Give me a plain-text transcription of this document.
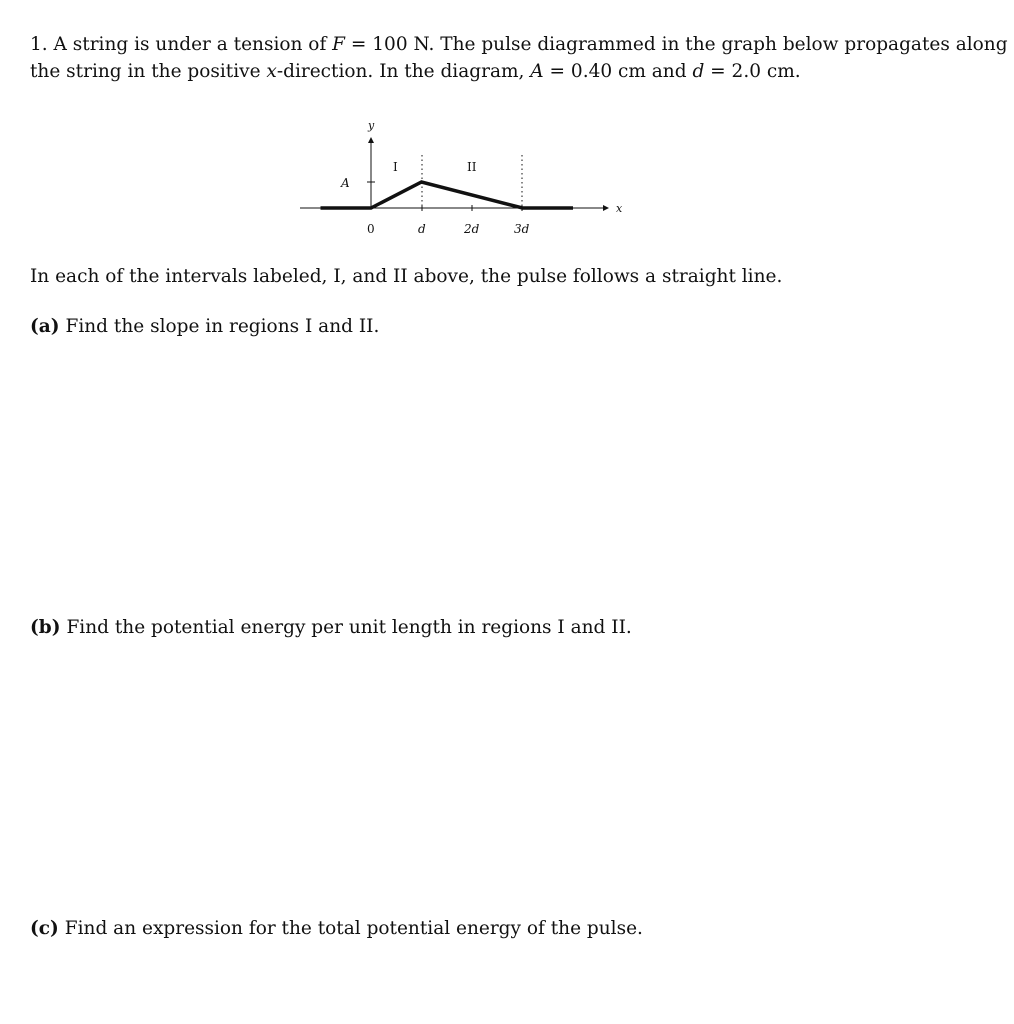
1. A string is under a tension of F = 100 N. The pulse diagrammed in the graph below propagates along
the string in the positive x-direction. In the diagram, A = 0.40 cm and d = 2.0 cm.
y
x
A
I	II
0	d	2d	3d
In each of the intervals labeled, I, and II above, the pulse follows a straight line.
(a) Find the slope in regions I and II.
(b) Find the potential energy per unit length in regions I and II.
(c) Find an expression for the total potential energy of the pulse.
